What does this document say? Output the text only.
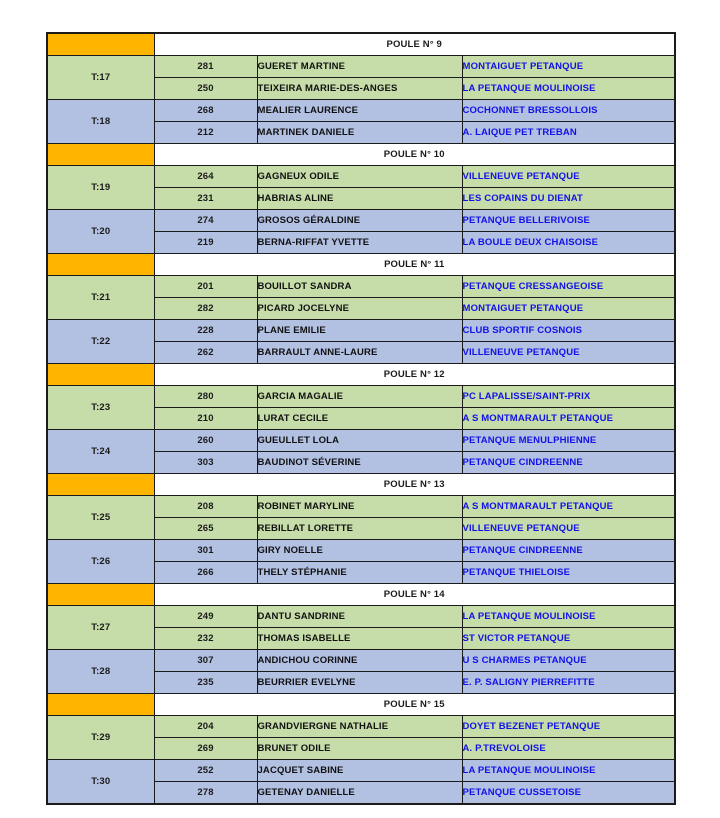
	POULE N° 9		
T:17	281	GUERET MARTINE	MONTAIGUET PETANQUE
	250	TEIXEIRA MARIE-DES-ANGES	LA PETANQUE MOULINOISE
T:18	268	MEALIER LAURENCE	COCHONNET BRESSOLLOIS
	212	MARTINEK DANIELE	A. LAIQUE PET TREBAN
	POULE N° 10		
T:19	264	GAGNEUX ODILE	VILLENEUVE PETANQUE
	231	HABRIAS ALINE	LES COPAINS DU DIENAT
T:20	274	GROSOS GÉRALDINE	PETANQUE BELLERIVOISE
	219	BERNA-RIFFAT YVETTE	LA BOULE DEUX CHAISOISE
	POULE N° 11		
T:21	201	BOUILLOT SANDRA	PETANQUE CRESSANGEOISE
	282	PICARD JOCELYNE	MONTAIGUET PETANQUE
T:22	228	PLANE EMILIE	CLUB SPORTIF COSNOIS
	262	BARRAULT ANNE-LAURE	VILLENEUVE PETANQUE
	POULE N° 12		
T:23	280	GARCIA MAGALIE	PC LAPALISSE/SAINT-PRIX
	210	LURAT CECILE	A S MONTMARAULT PETANQUE
T:24	260	GUEULLET LOLA	PETANQUE MENULPHIENNE
	303	BAUDINOT SÉVERINE	PETANQUE CINDREENNE
	POULE N° 13		
T:25	208	ROBINET MARYLINE	A S MONTMARAULT PETANQUE
	265	REBILLAT LORETTE	VILLENEUVE PETANQUE
T:26	301	GIRY NOELLE	PETANQUE CINDREENNE
	266	THELY STÉPHANIE	PETANQUE THIELOISE
	POULE N° 14		
T:27	249	DANTU SANDRINE	LA PETANQUE MOULINOISE
	232	THOMAS ISABELLE	ST VICTOR PETANQUE
T:28	307	ANDICHOU CORINNE	U S CHARMES PETANQUE
	235	BEURRIER EVELYNE	E. P. SALIGNY PIERREFITTE
	POULE N° 15		
T:29	204	GRANDVIERGNE NATHALIE	DOYET BEZENET PETANQUE
	269	BRUNET ODILE	A. P.TREVOLOISE
T:30	252	JACQUET SABINE	LA PETANQUE MOULINOISE
	278	GETENAY DANIELLE	PETANQUE CUSSETOISE
